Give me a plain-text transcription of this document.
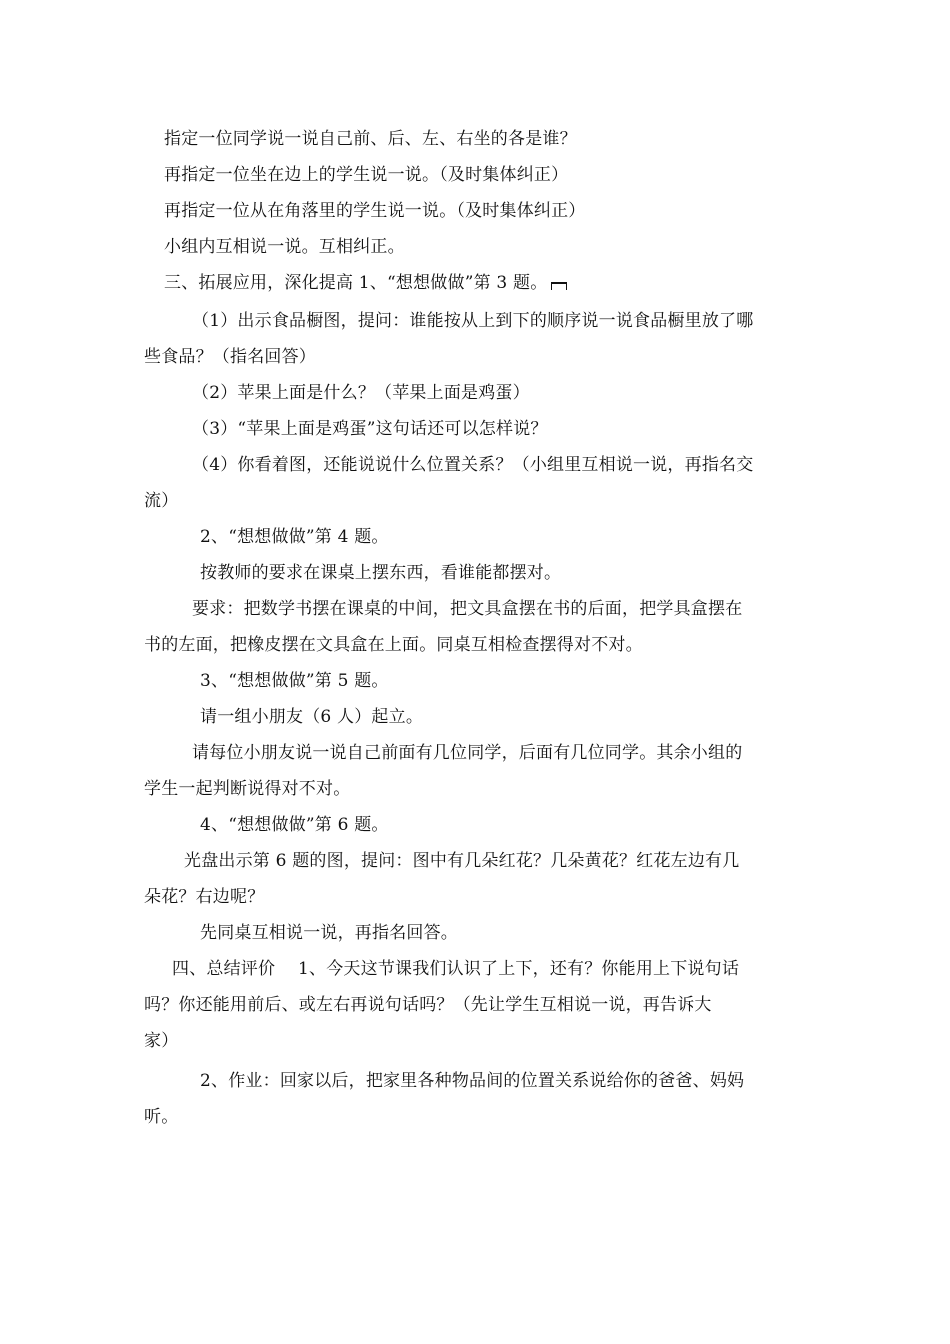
指定一位同学说一说自己前、后、左、右坐的各是谁？
再指定一位坐在边上的学生说一说。（及时集体纠正）
再指定一位从在角落里的学生说一说。（及时集体纠正）
小组内互相说一说。互相纠正。
三、拓展应用，深化提高 1、“想想做做”第 3 题。
（1）出示食品橱图，提问：谁能按从上到下的顺序说一说食品橱里放了哪
些食品？（指名回答）
（2）苹果上面是什么？（苹果上面是鸡蛋）
（3）“苹果上面是鸡蛋”这句话还可以怎样说？
（4）你看着图，还能说说什么位置关系？（小组里互相说一说，再指名交
流）
2、“想想做做”第 4 题。
按教师的要求在课桌上摆东西，看谁能都摆对。
要求：把数学书摆在课桌的中间，把文具盒摆在书的后面，把学具盒摆在
书的左面，把橡皮摆在文具盒在上面。同桌互相检查摆得对不对。
3、“想想做做”第 5 题。
请一组小朋友（6 人）起立。
请每位小朋友说一说自己前面有几位同学，后面有几位同学。其余小组的
学生一起判断说得对不对。
4、“想想做做”第 6 题。
光盘出示第 6 题的图，提问：图中有几朵红花？几朵黄花？红花左边有几
朵花？右边呢？
先同桌互相说一说，再指名回答。
四、总结评价　 1、今天这节课我们认识了上下，还有？你能用上下说句话
吗？你还能用前后、或左右再说句话吗？（先让学生互相说一说，再告诉大
家）
2、作业：回家以后，把家里各种物品间的位置关系说给你的爸爸、妈妈
听。
